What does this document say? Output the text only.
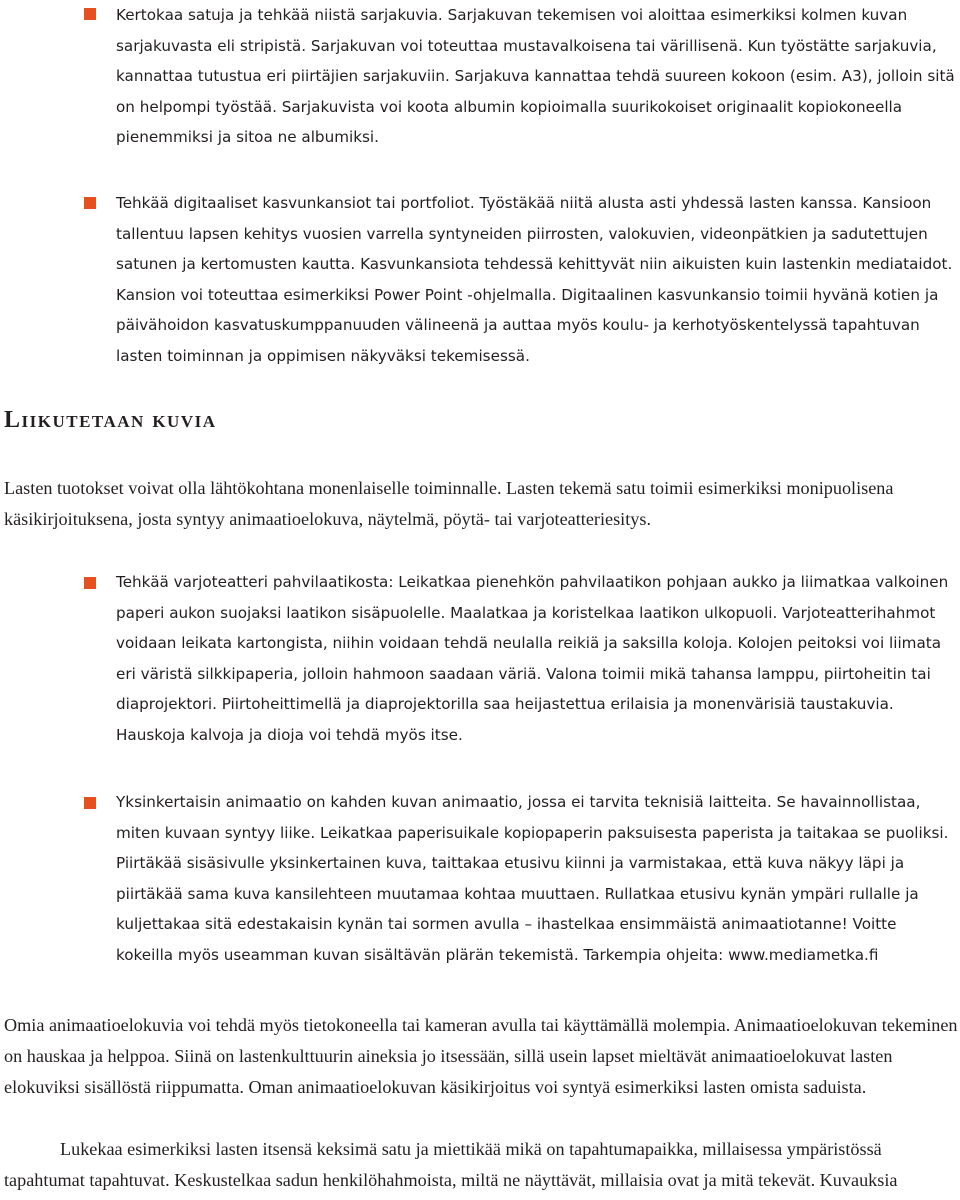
Kertokaa satuja ja tehkää niistä sarjakuvia. Sarjakuvan tekemisen voi aloittaa esimerkiksi kolmen kuvan sarjakuvasta eli stripistä. Sarjakuvan voi toteuttaa mustavalkoisena tai värillisenä. Kun työstätte sarjakuvia, kannattaa tutustua eri piirtäjien sarjakuviin. Sarjakuva kannattaa tehdä suureen kokoon (esim. A3), jolloin sitä on helpompi työstää. Sarjakuvista voi koota albumin kopioimalla suurikokoiset originaalit kopiokoneella pienemmiksi ja sitoa ne albumiksi.

Tehkää digitaaliset kasvunkansiot tai portfoliot. Työstäkää niitä alusta asti yhdessä lasten kanssa. Kansioon tallentuu lapsen kehitys vuosien varrella syntyneiden piirrosten, valokuvien, videonpätkien ja sadutettujen satunen ja kertomusten kautta. Kasvunkansiota tehdessä kehittyvät niin aikuisten kuin lastenkin mediataidot. Kansion voi toteuttaa esimerkiksi Power Point -ohjelmalla. Digitaalinen kasvunkansio toimii hyvänä kotien ja päivähoidon kasvatuskumppanuuden välineenä ja auttaa myös koulu- ja kerhotyöskentelyssä tapahtuvan lasten toiminnan ja oppimisen näkyväksi tekemisessä.

Liikutetaan kuvia

Lasten tuotokset voivat olla lähtökohtana monenlaiselle toiminnalle. Lasten tekemä satu toimii esimerkiksi monipuolisena käsikirjoituksena, josta syntyy animaatioelokuva, näytelmä, pöytä- tai varjoteatteriesitys.

Tehkää varjoteatteri pahvilaatikosta: Leikatkaa pienehkön pahvilaatikon pohjaan aukko ja liimatkaa valkoinen paperi aukon suojaksi laatikon sisäpuolelle. Maalatkaa ja koristelkaa laatikon ulkopuoli. Varjoteatterihahmot voidaan leikata kartongista, niihin voidaan tehdä neulalla reikiä ja saksilla koloja. Kolojen peitoksi voi liimata eri väristä silkkipaperia, jolloin hahmoon saadaan väriä. Valona toimii mikä tahansa lamppu, piirtoheitin tai diaprojektori. Piirtoheittimellä ja diaprojektorilla saa heijastettua erilaisia ja monenvärisiä taustakuvia. Hauskoja kalvoja ja dioja voi tehdä myös itse.

Yksinkertaisin animaatio on kahden kuvan animaatio, jossa ei tarvita teknisiä laitteita. Se havainnollistaa, miten kuvaan syntyy liike. Leikatkaa paperisuikale kopiopaperin paksuisesta paperista ja taitakaa se puoliksi. Piirtäkää sisäsivulle yksinkertainen kuva, taittakaa etusivu kiinni ja varmistakaa, että kuva näkyy läpi ja piirtäkää sama kuva kansilehteen muutamaa kohtaa muuttaen. Rullatkaa etusivu kynän ympäri rullalle ja kuljettakaa sitä edestakaisin kynän tai sormen avulla – ihastelkaa ensimmäistä animaatiotanne! Voitte kokeilla myös useamman kuvan sisältävän plärän tekemistä. Tarkempia ohjeita: www.mediametka.fi

Omia animaatioelokuvia voi tehdä myös tietokoneella tai kameran avulla tai käyttämällä molempia. Animaatioelokuvan tekeminen on hauskaa ja helppoa. Siinä on lastenkulttuurin aineksia jo itsessään, sillä usein lapset mieltävät animaatioelokuvat lasten elokuviksi sisällöstä riippumatta. Oman animaatioelokuvan käsikirjoitus voi syntyä esimerkiksi lasten omista saduista.

Lukekaa esimerkiksi lasten itsensä keksimä satu ja miettikää mikä on tapahtumapaikka, millaisessa ympäristössä tapahtumat tapahtuvat. Keskustelkaa sadun henkilöhahmoista, miltä ne näyttävät, millaisia ovat ja mitä tekevät. Kuvauksia
